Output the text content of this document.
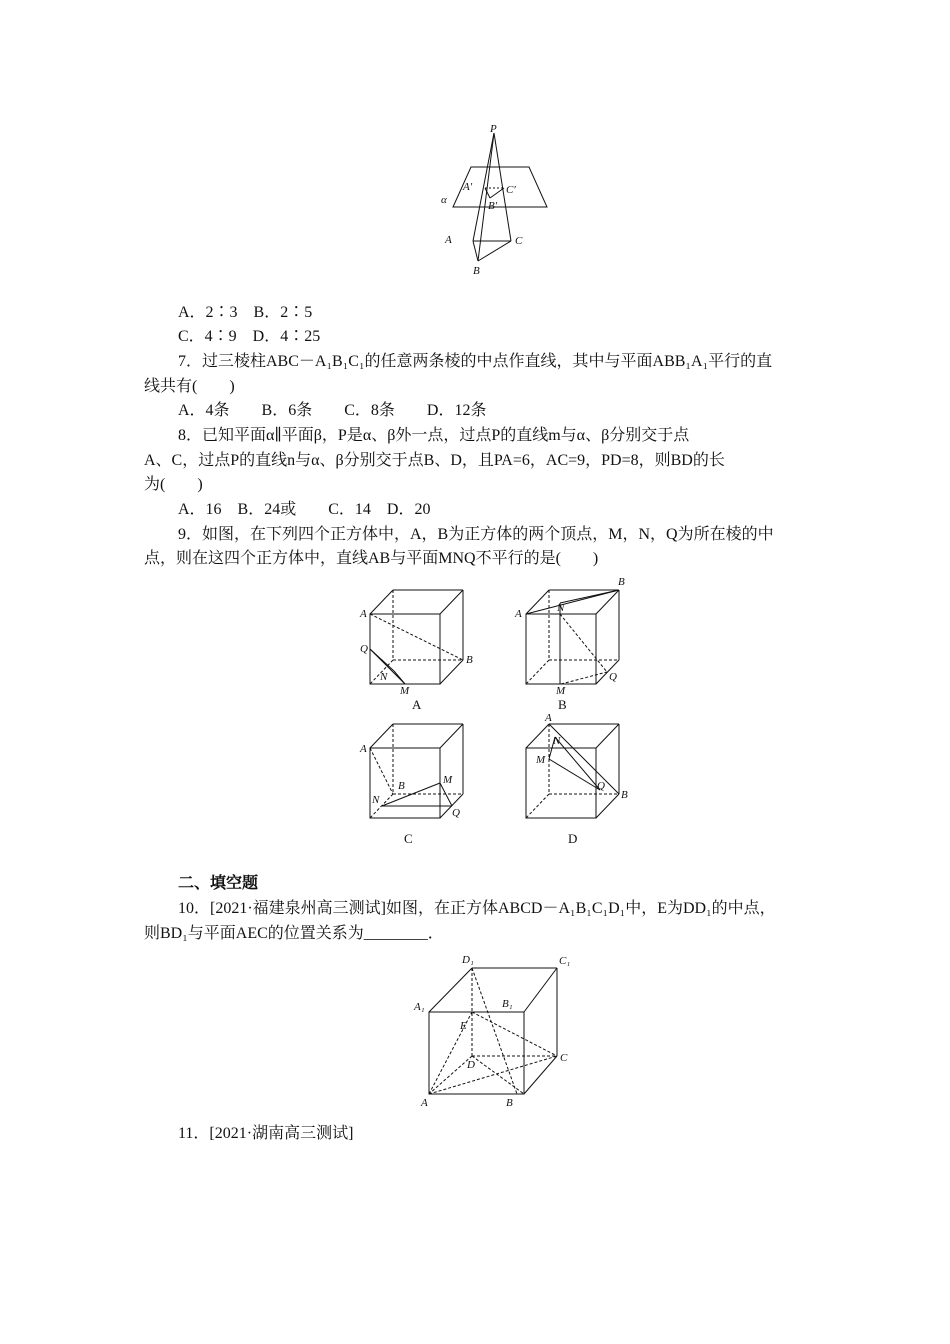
P
A′	C′
B′
α
A	C
B
A．2∶3　B．2∶5
C．4∶9　D．4∶25
7．过三棱柱ABC－A₁B₁C₁的任意两条棱的中点作直线，其中与平面ABB₁A₁平行的直
线共有(　　)
A．4条　　B．6条　　C．8条　　D．12条
8．已知平面α∥平面β，P是α、β外一点，过点P的直线m与α、β分别交于点
A、C，过点P的直线n与α、β分别交于点B、D，且PA=6，AC=9，PD=8，则BD的长
为(　　)
A．16　B．24或　　C．14　D．20
9．如图，在下列四个正方体中，A，B为正方体的两个顶点，M，N，Q为所在棱的中
点，则在这四个正方体中，直线AB与平面MNQ不平行的是(　　)
A
Q
N
M
B
A
A	N
B
M
Q
B
A
B	M
N
Q
C
A
N
M
Q
B
D
二、填空题
10．[2021·福建泉州高三测试]如图，在正方体ABCD－A₁B₁C₁D₁中，E为DD₁的中点，
则BD₁与平面AEC的位置关系为________．
D₁	C₁
A₁	B₁
E
D
C
A	B
11．[2021·湖南高三测试]
